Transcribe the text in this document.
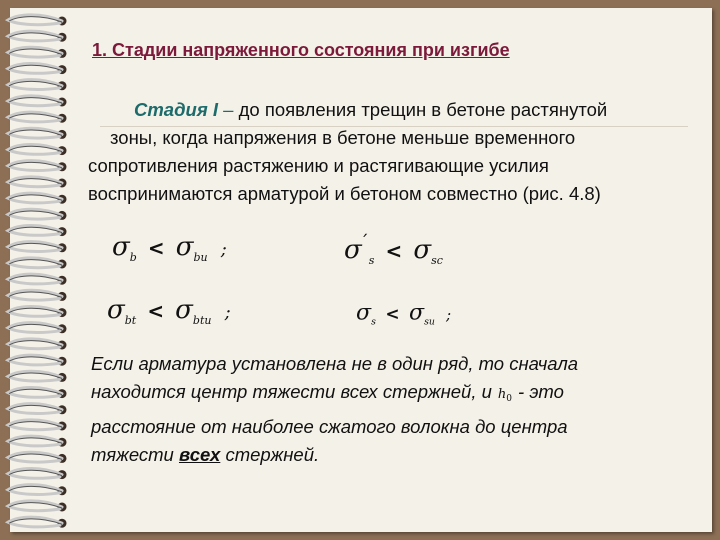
1. Стадии напряженного состояния при изгибе
Стадия I – до появления трещин в бетоне растянутой
зоны, когда напряжения в бетоне меньше временного
сопротивления растяжению и растягивающие усилия
воспринимаются арматурой и бетоном совместно (рис. 4.8)
$\sigma_b < \sigma_{bu}$ ;	$\sigma´_s < \sigma_{sc}$
$\sigma_{bt} < \sigma_{btu}$ ;	$\sigma_s < \sigma_{su}$ ;
Если арматура установлена не в один ряд, то сначала
находится центр тяжести всех стержней, и $h_0$ - это
расстояние от наиболее сжатого волокна до центра
тяжести всех стержней.
